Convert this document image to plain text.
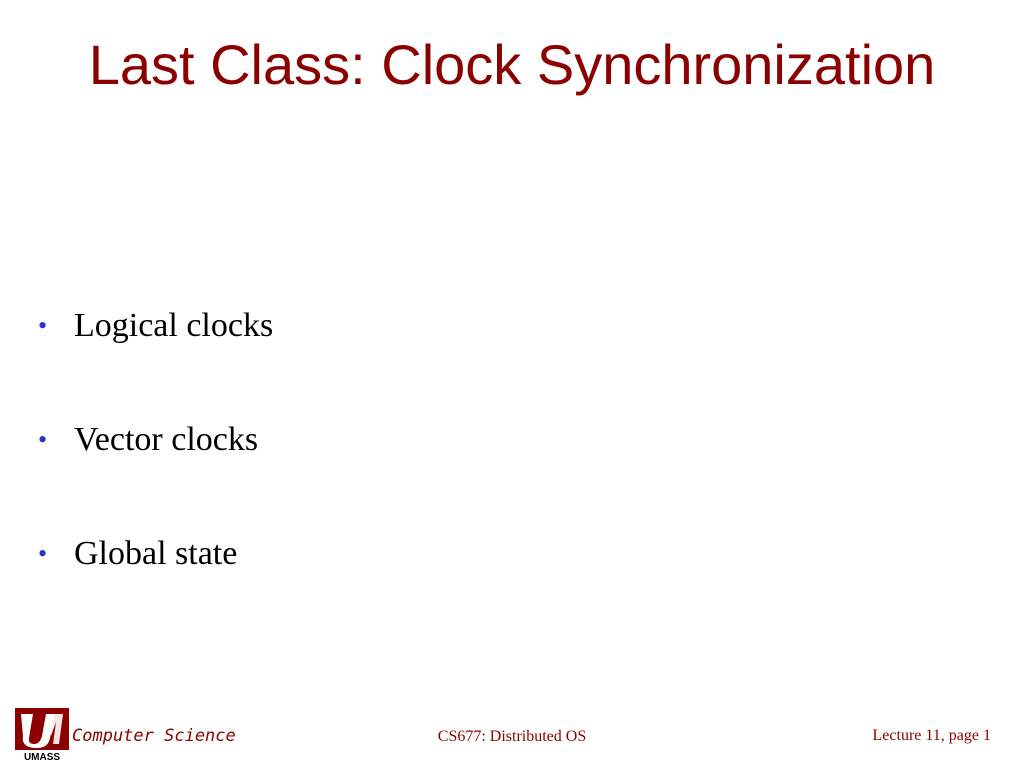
Last Class: Clock Synchronization
• Logical clocks
• Vector clocks
• Global state
UMASS
Computer Science	CS677: Distributed OS	Lecture 11, page 1
